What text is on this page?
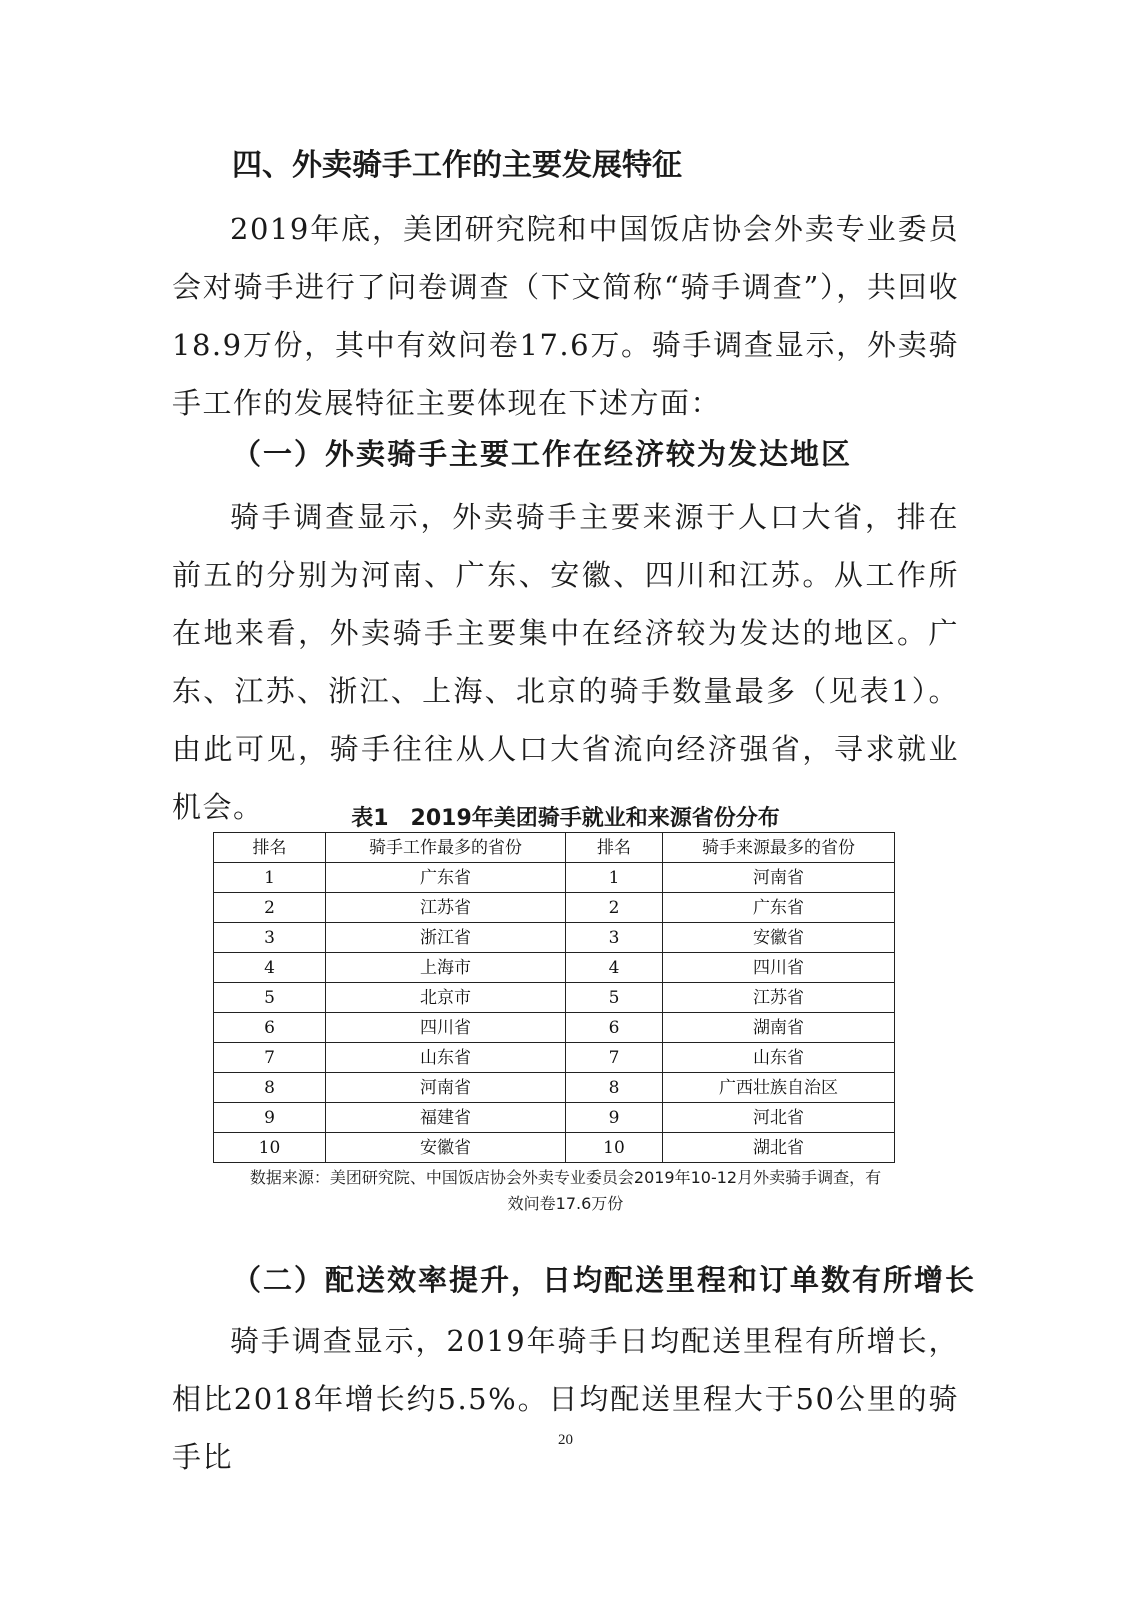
四、外卖骑手工作的主要发展特征

2019年底，美团研究院和中国饭店协会外卖专业委员会对骑手进行了问卷调查（下文简称“骑手调查”），共回收18.9万份，其中有效问卷17.6万。骑手调查显示，外卖骑手工作的发展特征主要体现在下述方面：

（一）外卖骑手主要工作在经济较为发达地区

骑手调查显示，外卖骑手主要来源于人口大省，排在前五的分别为河南、广东、安徽、四川和江苏。从工作所在地来看，外卖骑手主要集中在经济较为发达的地区。广东、江苏、浙江、上海、北京的骑手数量最多（见表1）。由此可见，骑手往往从人口大省流向经济强省，寻求就业机会。	表1　2019年美团骑手就业和来源省份分布

排名	骑手工作最多的省份	排名	骑手来源最多的省份
1	广东省	1	河南省
2	江苏省	2	广东省
3	浙江省	3	安徽省
4	上海市	4	四川省
5	北京市	5	江苏省
6	四川省	6	湖南省
7	山东省	7	山东省
8	河南省	8	广西壮族自治区
9	福建省	9	河北省
10	安徽省	10	湖北省
数据来源：美团研究院、中国饭店协会外卖专业委员会2019年10-12月外卖骑手调查，有
效问卷17.6万份
（二）配送效率提升，日均配送里程和订单数有所增长

骑手调查显示，2019年骑手日均配送里程有所增长，相比2018年增长约5.5%。日均配送里程大于50公里的骑手比	20
